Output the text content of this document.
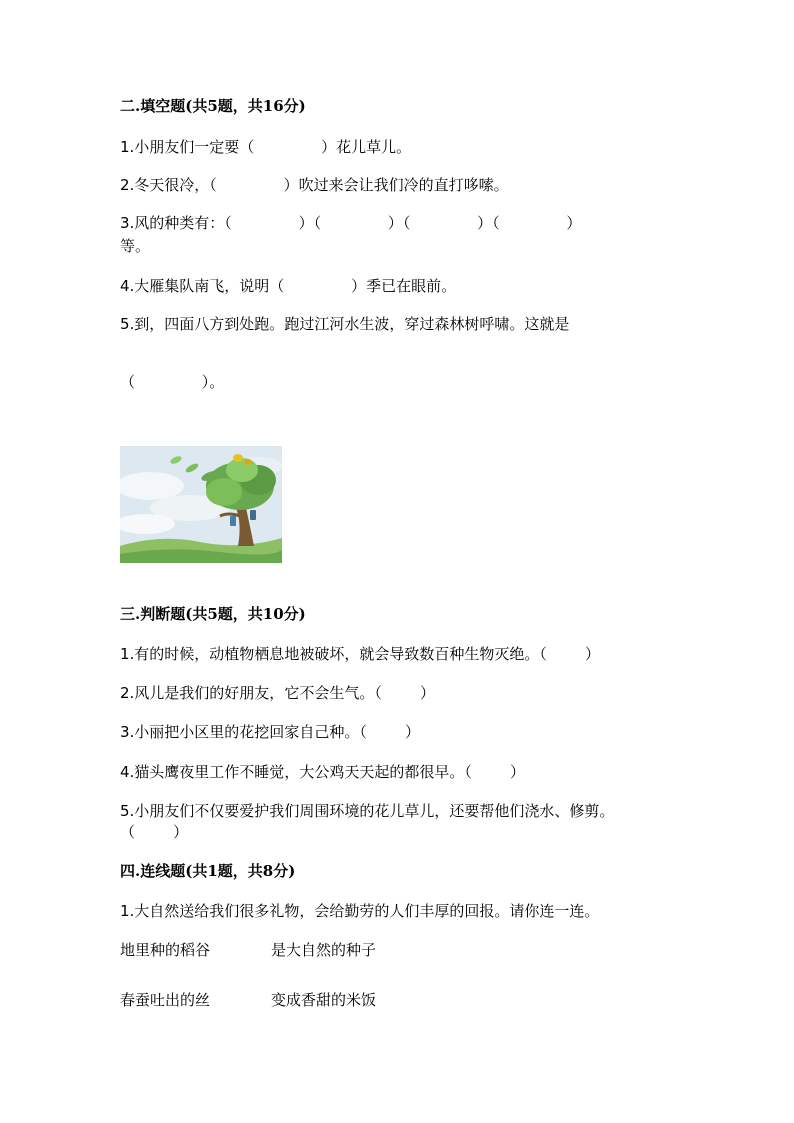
二.填空题(共5题，共16分)
1.小朋友们一定要（              ）花儿草儿。
2.冬天很冷，（              ）吹过来会让我们冷的直打哆嗦。
3.风的种类有：（              ）（              ）（              ）（              ）
等。
4.大雁集队南飞，说明（              ）季已在眼前。
5.到，四面八方到处跑。跑过江河水生波，穿过森林树呼啸。这就是
（              ）。
三.判断题(共5题，共10分)
1.有的时候，动植物栖息地被破坏，就会导致数百种生物灭绝。（        ）
2.风儿是我们的好朋友，它不会生气。（        ）
3.小丽把小区里的花挖回家自己种。（        ）
4.猫头鹰夜里工作不睡觉，大公鸡天天起的都很早。（        ）
5.小朋友们不仅要爱护我们周围环境的花儿草儿，还要帮他们浇水、修剪。
（        ）
四.连线题(共1题，共8分)
1.大自然送给我们很多礼物，会给勤劳的人们丰厚的回报。请你连一连。
地里种的稻谷	是大自然的种子
春蚕吐出的丝	变成香甜的米饭
